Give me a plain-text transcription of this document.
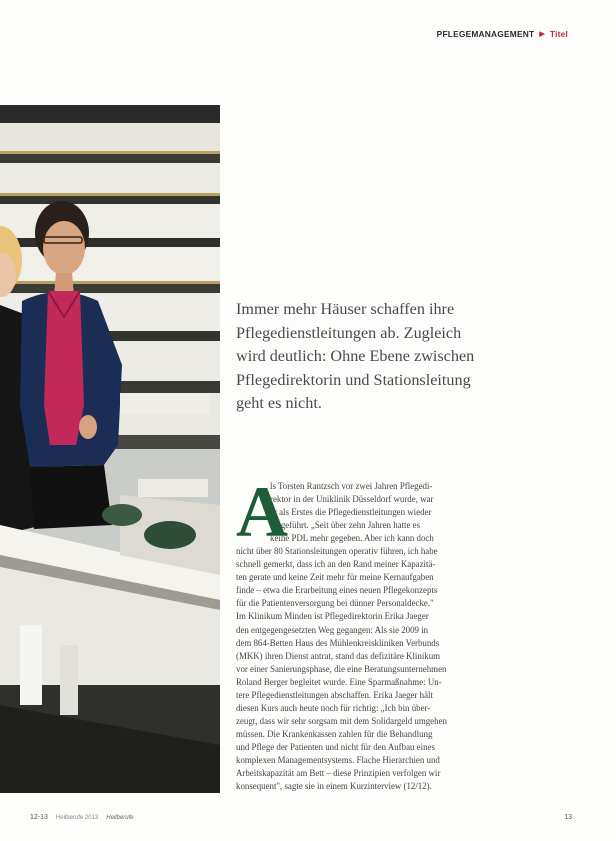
PFLEGEMANAGEMENT ▶ Titel
Immer mehr Häuser schaffen ihre
Pflegedienstleitungen ab. Zugleich
wird deutlich: Ohne Ebene zwischen
Pflegedirektorin und Stationsleitung
geht es nicht.
A
ls Torsten Rantzsch vor zwei Jahren Pflegedi-
rektor in der Uniklinik Düsseldorf wurde, war
er als Erstes die Pflegedienstleitungen wieder
eingeführt. „Seit über zehn Jahren hatte es
keine PDL mehr gegeben. Aber ich kann doch
nicht über 80 Stationsleitungen operativ führen, ich habe
schnell gemerkt, dass ich an den Rand meiner Kapazitä-
ten gerate und keine Zeit mehr für meine Kernaufgaben
finde – etwa die Erarbeitung eines neuen Pflegekonzepts
für die Patientenversorgung bei dünner Personaldecke."
Im Klinikum Minden ist Pflegedirektorin Erika Jaeger
den entgegengesetzten Weg gegangen: Als sie 2009 in
dem 864-Betten Haus des Mühlenkreiskliniken Verbunds
(MKK) ihren Dienst antrat, stand das defizitäre Klinikum
vor einer Sanierungsphase, die eine Beratungsunternehmen
Roland Berger begleitet wurde. Eine Sparmaßnahme: Un-
tere Pflegedienstleitungen abschaffen. Erika Jaeger hält
diesen Kurs auch heute noch für richtig: „Ich bin über-
zeugt, dass wir sehr sorgsam mit dem Solidargeld umgehen
müssen. Die Krankenkassen zahlen für die Behandlung
und Pflege der Patienten und nicht für den Aufbau eines
komplexen Managementsystems. Flache Hierarchien und
Arbeitskapazität am Bett – diese Prinzipien verfolgen wir
konsequent", sagte sie in einem Kurzinterview (12/12).
12-13 Heilberufe 2013 Heilberufe	13
